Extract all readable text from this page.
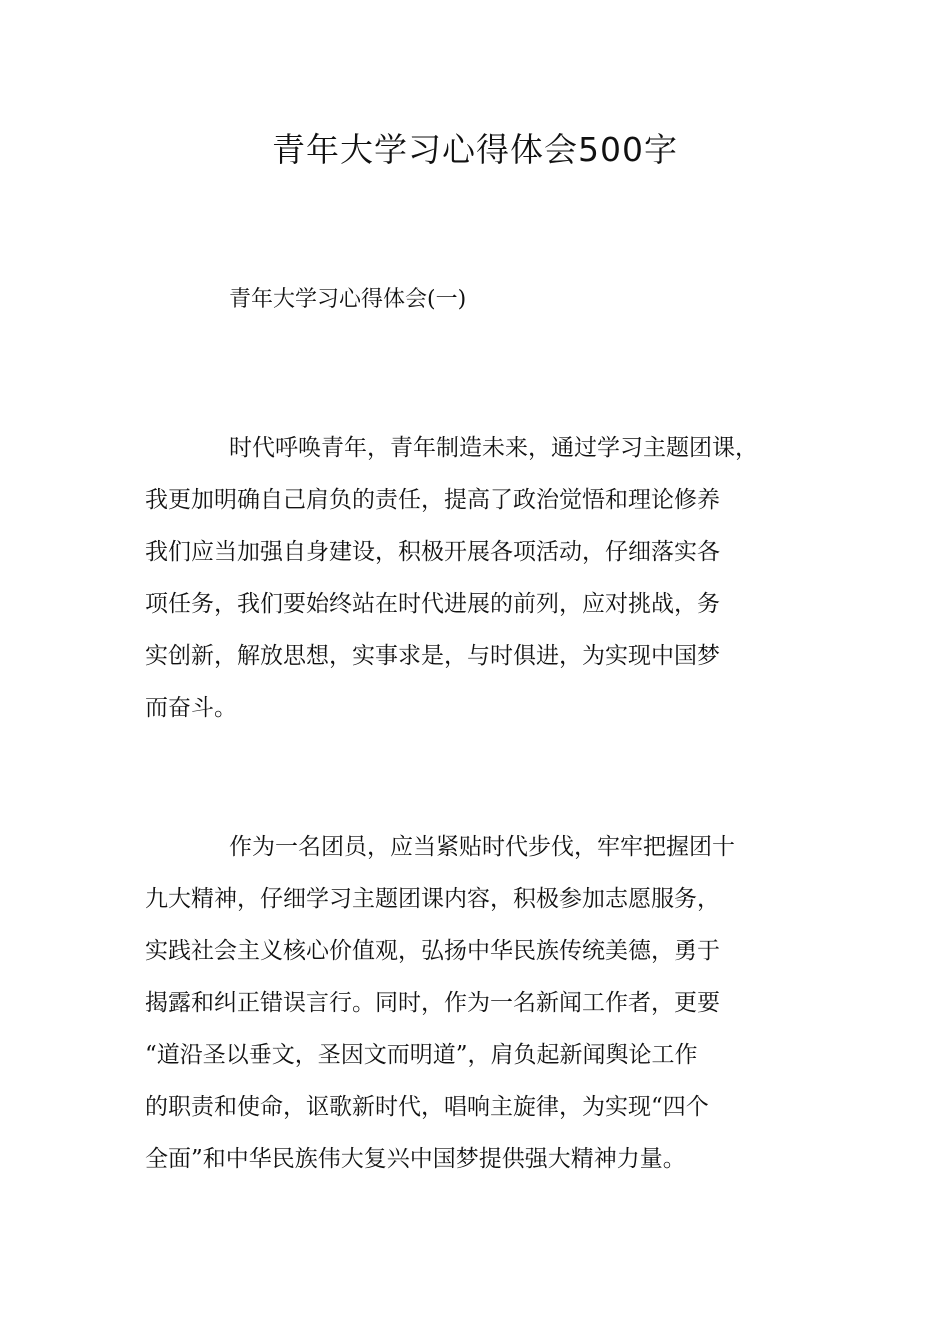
青年大学习心得体会500字
青年大学习心得体会(一)
时代呼唤青年，青年制造未来，通过学习主题团课，
我更加明确自己肩负的责任，提高了政治觉悟和理论修养
我们应当加强自身建设，积极开展各项活动，仔细落实各
项任务，我们要始终站在时代进展的前列，应对挑战，务
实创新，解放思想，实事求是，与时俱进，为实现中国梦
而奋斗。
作为一名团员，应当紧贴时代步伐，牢牢把握团十
九大精神，仔细学习主题团课内容，积极参加志愿服务，
实践社会主义核心价值观，弘扬中华民族传统美德，勇于
揭露和纠正错误言行。同时，作为一名新闻工作者，更要
“道沿圣以垂文，圣因文而明道”，肩负起新闻舆论工作
的职责和使命，讴歌新时代，唱响主旋律，为实现“四个
全面”和中华民族伟大复兴中国梦提供强大精神力量。
